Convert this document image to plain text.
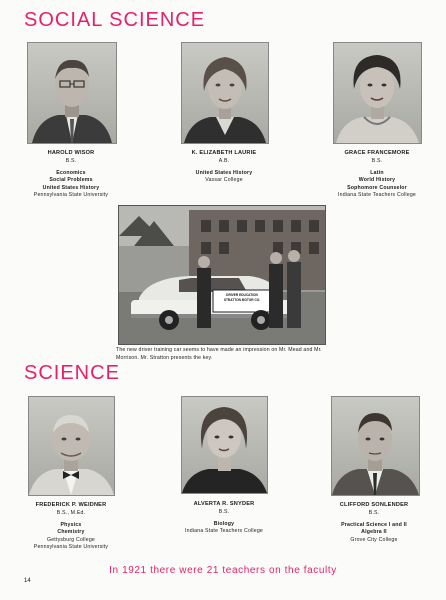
SOCIAL SCIENCE
HAROLD WISOR
B.S.
Economics
Social Problems
United States History
Pennsylvania State University
K. ELIZABETH LAURIE
A.B.
United States History
Vassar College
GRACE FRANCEMORE
B.S.
Latin
World History
Sophomore Counselor
Indiana State Teachers College
DRIVER EDUCATION
STRATTON MOTOR CO.
The new driver training car seems to have made an impression on Mr. Mead and Mr. Morrison. Mr. Stratton presents the key.
SCIENCE
FREDERICK P. WEIDNER
B.S., M.Ed.
Physics
Chemistry
Gettysburg College
Pennsylvania State University
ALVERTA R. SNYDER
B.S.
Biology
Indiana State Teachers College
CLIFFORD SONLENDER
B.S.
Practical Science I and II
Algebra II
Grove City College
In 1921 there were 21 teachers on the faculty
14
